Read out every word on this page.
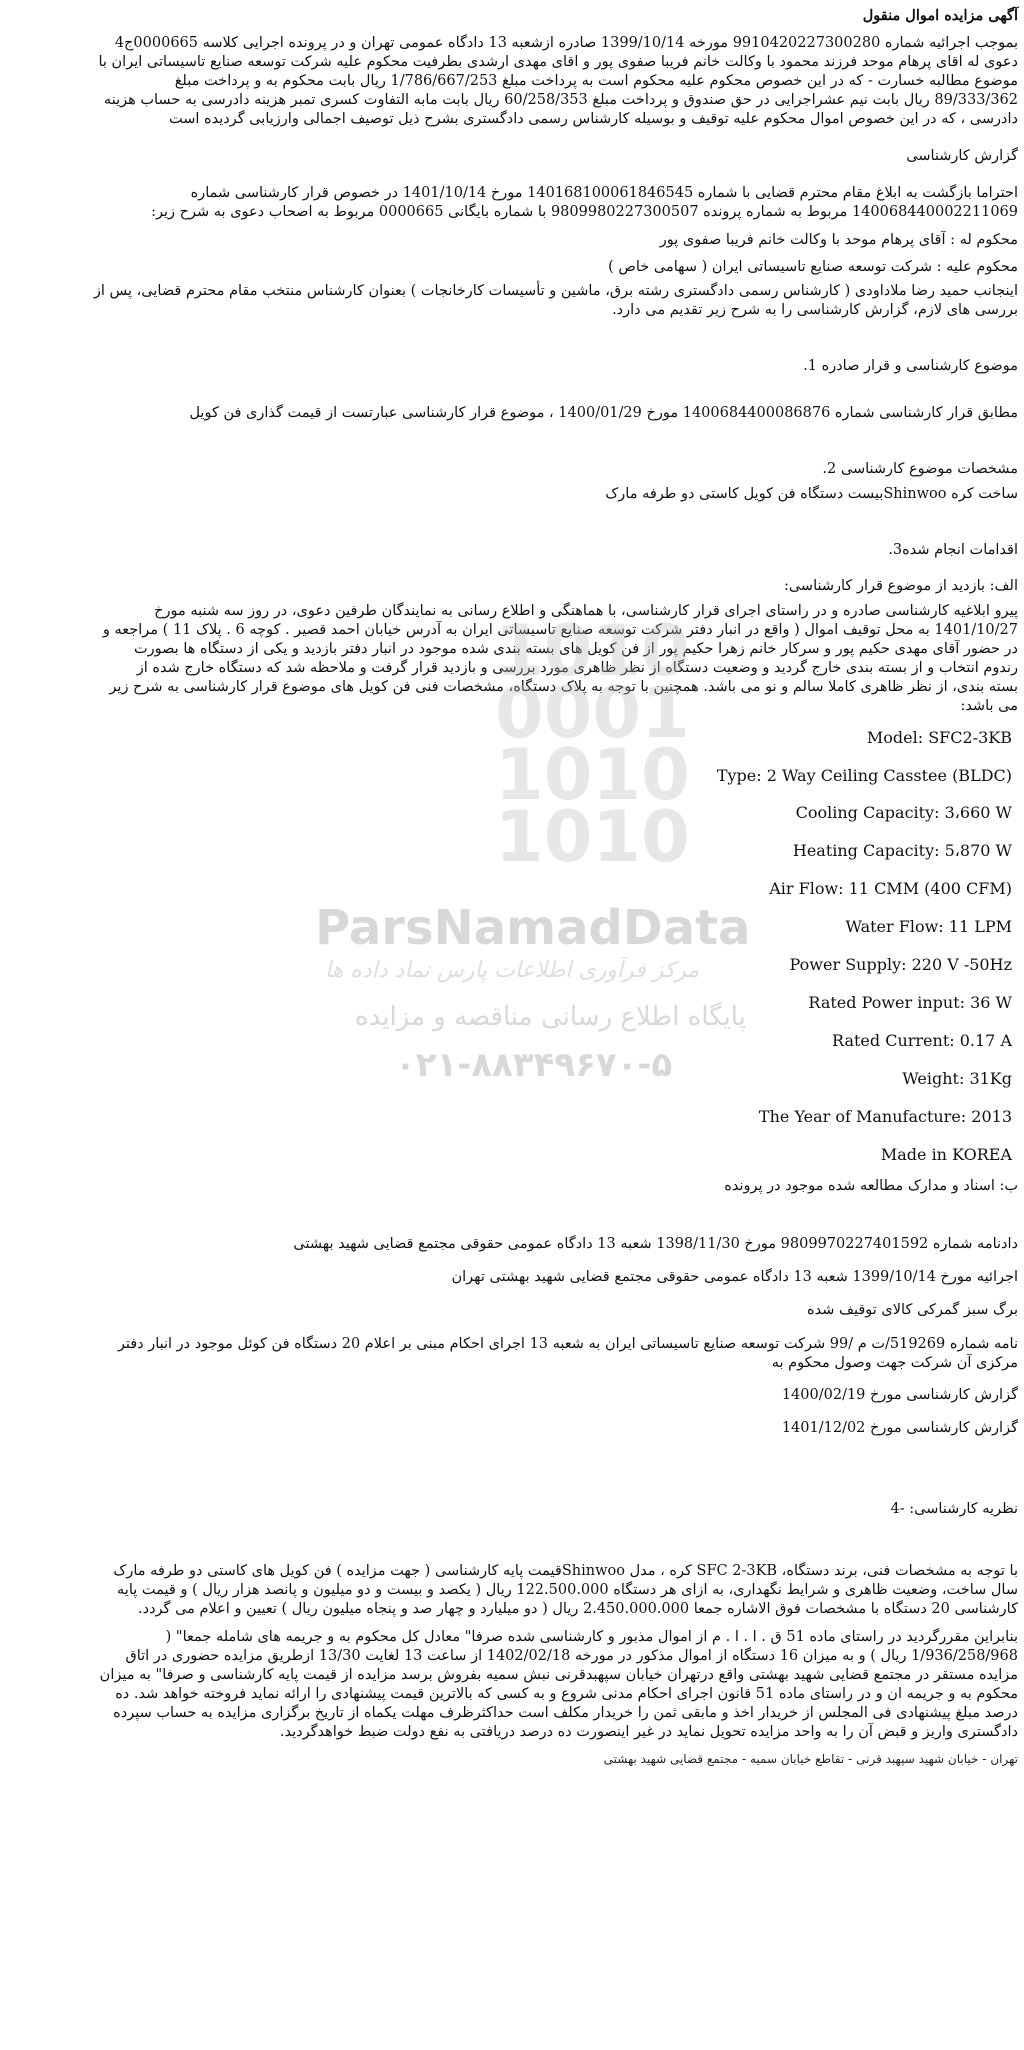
آگهی مزایده اموال منقول
بموجب اجرائیه شماره 9910420227300280 مورخه 1399/10/14 صادره ازشعبه 13 دادگاه عمومی تهران و در پرونده اجرایی کلاسه 0000665ج4
دعوی له اقای پرهام موحد فرزند محمود با وکالت خانم فریبا صفوی پور و اقای مهدی ارشدی بطرفیت محکوم علیه شرکت توسعه صنایع تاسیساتی ایران با
موضوع مطالبه خسارت - که در این خصوص محکوم علیه محکوم است به پرداخت مبلغ 1/786/667/253 ریال بابت محکوم به و پرداخت مبلغ
89/333/362 ریال بابت نیم عشراجرایی در حق صندوق و پرداخت مبلغ 60/258/353 ریال بابت مابه التفاوت کسری تمبر هزینه دادرسی به حساب هزینه
دادرسی ، که در این خصوص اموال محکوم علیه توقیف و بوسیله کارشناس رسمی دادگستری بشرح ذیل توصیف اجمالی وارزیابی گردیده است
گزارش کارشناسی
احتراما بازگشت به ابلاغ مقام محترم قضایی با شماره 140168100061846545 مورخ 1401/10/14 در خصوص قرار کارشناسی شماره
140068440002211069 مربوط به شماره پرونده 9809980227300507 با شماره بایگانی 0000665 مربوط به اصحاب دعوی به شرح زیر:
محکوم له : آقای پرهام موحد با وکالت خانم فریبا صفوی پور
محکوم علیه : شرکت توسعه صنایع تاسیساتی ایران ( سهامی خاص )
اینجانب حمید رضا ملاداودی ( کارشناس رسمی دادگستری رشته برق، ماشین و تأسیسات کارخانجات ) بعنوان کارشناس منتخب مقام محترم قضایی، پس از
بررسی های لازم، گزارش کارشناسی را به شرح زیر تقدیم می دارد.
موضوع کارشناسی و قرار صادره 1.
مطابق قرار کارشناسی شماره 1400684400086876 مورخ 1400/01/29 ، موضوع قرار کارشناسی عبارتست از قیمت گذاری فن کویل
مشخصات موضوع کارشناسی 2.
ساخت کره Shinwooبیست دستگاه فن کویل کاستی دو طرفه مارک
اقدامات انجام شده3.
الف: بازدید از موضوع قرار کارشناسی:
پیرو ابلاغیه کارشناسی صادره و در راستای اجرای قرار کارشناسی، با هماهنگی و اطلاع رسانی به نمایندگان طرفین دعوی، در روز سه شنبه مورخ
1401/10/27 به محل توقیف اموال ( واقع در انبار دفتر شرکت توسعه صنایع تاسیساتی ایران به آدرس خیابان احمد قصیر . کوچه 6 . پلاک 11 ) مراجعه و
در حضور آقای مهدی حکیم پور و سرکار خانم زهرا حکیم پور از فن کویل های بسته بندی شده موجود در انبار دفتر بازدید و یکی از دستگاه ها بصورت
رندوم انتخاب و از بسته بندی خارج گردید و وضعیت دستگاه از نظر ظاهری مورد بررسی و بازدید قرار گرفت و ملاحظه شد که دستگاه خارج شده از
بسته بندی، از نظر ظاهری کاملا سالم و نو می باشد. همچنین با توجه به پلاک دستگاه، مشخصات فنی فن کویل های موضوع قرار کارشناسی به شرح زیر
می باشد:
1010
0001
1010
1010
ParsNamadData
مرکز فرآوری اطلاعات پارس نماد داده ها
پایگاه اطلاع رسانی مناقصه و مزایده
۰۲۱-۸۸۳۴۹۶۷۰-۵
Model: SFC2-3KB
Type: 2 Way Ceiling Casstee (BLDC)
Cooling Capacity: 3،660 W
Heating Capacity: 5،870 W
Air Flow: 11 CMM (400 CFM)
Water Flow: 11 LPM
Power Supply: 220 V -50Hz
Rated Power input: 36 W
Rated Current: 0.17 A
Weight: 31Kg
The Year of Manufacture: 2013
Made in KOREA
ب: اسناد و مدارک مطالعه شده موجود در پرونده
دادنامه شماره 9809970227401592 مورخ 1398/11/30 شعبه 13 دادگاه عمومی حقوقی مجتمع قضایی شهید بهشتی
اجرائیه مورخ 1399/10/14 شعبه 13 دادگاه عمومی حقوقی مجتمع قضایی شهید بهشتی تهران
برگ سبز گمرکی کالای توقیف شده
نامه شماره 519269/ت م /99 شرکت توسعه صنایع تاسیساتی ایران به شعبه 13 اجرای احکام مبنی بر اعلام 20 دستگاه فن کوئل موجود در انبار دفتر
مرکزی آن شرکت جهت وصول محکوم به
گزارش کارشناسی مورخ 1400/02/19
گزارش کارشناسی مورخ 1401/12/02
نظریه کارشناسی: -4
با توجه به مشخصات فنی، برند دستگاه، SFC 2-3KB کره ، مدل Shinwooقیمت پایه کارشناسی ( جهت مزایده ) فن کویل های کاستی دو طرفه مارک
سال ساخت، وضعیت ظاهری و شرایط نگهداری، به ازای هر دستگاه 122.500.000 ریال ( یکصد و بیست و دو میلیون و پانصد هزار ریال ) و قیمت پایه
کارشناسی 20 دستگاه با مشخصات فوق الاشاره جمعا 2.450.000.000 ریال ( دو میلیارد و چهار صد و پنجاه میلیون ریال ) تعیین و اعلام می گردد.
بنابراین مقررگردید در راستای ماده 51 ق . ا . ا . م از اموال مذبور و کارشناسی شده صرفا" معادل کل محکوم به و جریمه های شامله جمعا" (
1/936/258/968 ریال ) و به میزان 16 دستگاه از اموال مذکور در مورخه 1402/02/18 از ساعت 13 لغایت 13/30 ازطریق مزایده حضوری در اتاق
مزایده مستقر در مجتمع قضایی شهید بهشتی واقع درتهران خیابان سپهبدقرنی نبش سمیه بفروش برسد مزایده از قیمت پایه کارشناسی و صرفا" به میزان
محکوم به و جریمه ان و در راستای ماده 51 قانون اجرای احکام مدنی شروع و به کسی که بالاترین قیمت پیشنهادی را ارائه نماید فروخته خواهد شد. ده
درصد مبلغ پیشنهادی فی المجلس از خریدار اخذ و مابقی ثمن را خریدار مکلف است حداکثرظرف مهلت یکماه از تاریخ برگزاری مزایده به حساب سپرده
دادگستری واریز و قبض آن را به واحد مزایده تحویل نماید در غیر اینصورت ده درصد دریافتی به نفع دولت ضبط خواهدگردید.
تهران - خیابان شهید سپهبد قرنی - تقاطع خیابان سمیه - مجتمع قضایی شهید بهشتی
